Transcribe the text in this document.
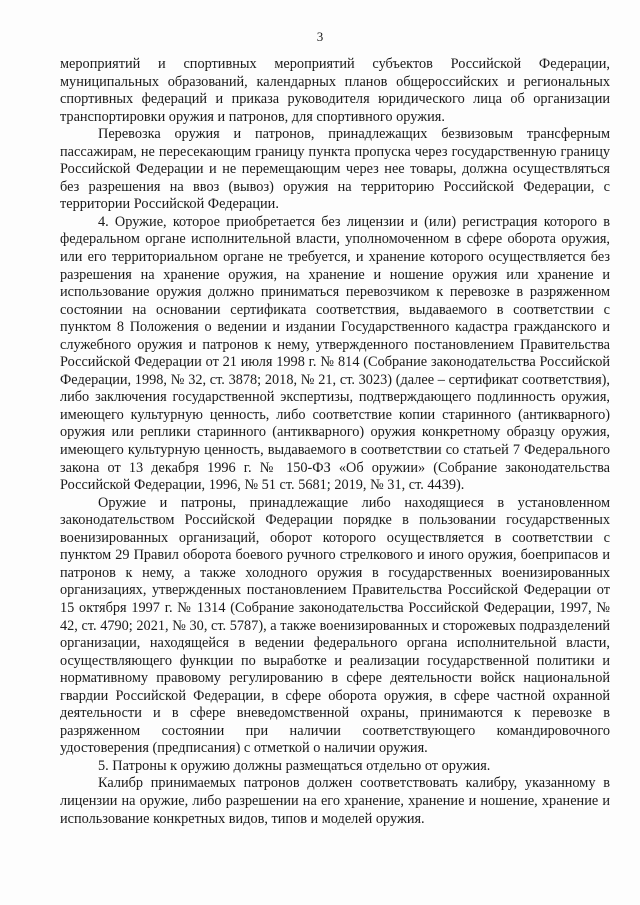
3

мероприятий и спортивных мероприятий субъектов Российской Федерации, муниципальных образований, календарных планов общероссийских и региональных спортивных федераций и приказа руководителя юридического лица об организации транспортировки оружия и патронов, для спортивного оружия.

Перевозка оружия и патронов, принадлежащих безвизовым трансферным пассажирам, не пересекающим границу пункта пропуска через государственную границу Российской Федерации и не перемещающим через нее товары, должна осуществляться без разрешения на ввоз (вывоз) оружия на территорию Российской Федерации, с территории Российской Федерации.

4. Оружие, которое приобретается без лицензии и (или) регистрация которого в федеральном органе исполнительной власти, уполномоченном в сфере оборота оружия, или его территориальном органе не требуется, и хранение которого осуществляется без разрешения на хранение оружия, на хранение и ношение оружия или хранение и использование оружия должно приниматься перевозчиком к перевозке в разряженном состоянии на основании сертификата соответствия, выдаваемого в соответствии с пунктом 8 Положения о ведении и издании Государственного кадастра гражданского и служебного оружия и патронов к нему, утвержденного постановлением Правительства Российской Федерации от 21 июля 1998 г. № 814 (Собрание законодательства Российской Федерации, 1998, № 32, ст. 3878; 2018, № 21, ст. 3023) (далее – сертификат соответствия), либо заключения государственной экспертизы, подтверждающего подлинность оружия, имеющего культурную ценность, либо соответствие копии старинного (антикварного) оружия или реплики старинного (антикварного) оружия конкретному образцу оружия, имеющего культурную ценность, выдаваемого в соответствии со статьей 7 Федерального закона от 13 декабря 1996 г. № 150-ФЗ «Об оружии» (Собрание законодательства Российской Федерации, 1996, № 51 ст. 5681; 2019, № 31, ст. 4439).

Оружие и патроны, принадлежащие либо находящиеся в установленном законодательством Российской Федерации порядке в пользовании государственных военизированных организаций, оборот которого осуществляется в соответствии с пунктом 29 Правил оборота боевого ручного стрелкового и иного оружия, боеприпасов и патронов к нему, а также холодного оружия в государственных военизированных организациях, утвержденных постановлением Правительства Российской Федерации от 15 октября 1997 г. № 1314 (Собрание законодательства Российской Федерации, 1997, № 42, ст. 4790; 2021, № 30, ст. 5787), а также военизированных и сторожевых подразделений организации, находящейся в ведении федерального органа исполнительной власти, осуществляющего функции по выработке и реализации государственной политики и нормативному правовому регулированию в сфере деятельности войск национальной гвардии Российской Федерации, в сфере оборота оружия, в сфере частной охранной деятельности и в сфере вневедомственной охраны, принимаются к перевозке в разряженном состоянии при наличии соответствующего командировочного удостоверения (предписания) с отметкой о наличии оружия.

5. Патроны к оружию должны размещаться отдельно от оружия.

Калибр принимаемых патронов должен соответствовать калибру, указанному в лицензии на оружие, либо разрешении на его хранение, хранение и ношение, хранение и использование конкретных видов, типов и моделей оружия.
